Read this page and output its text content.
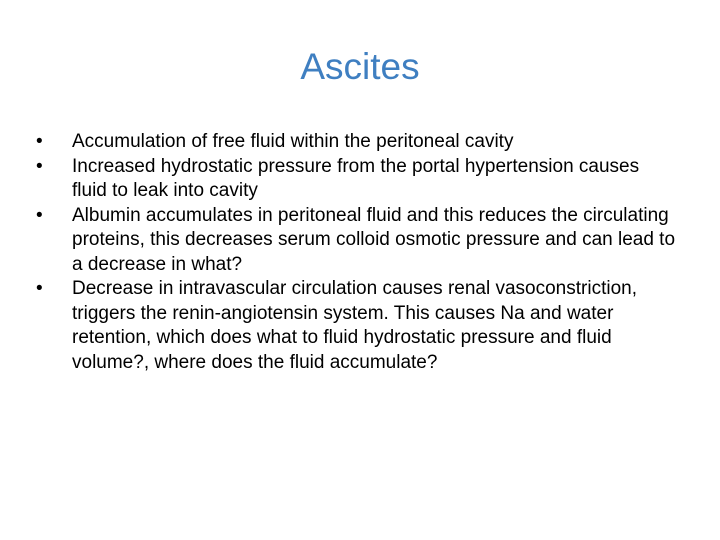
Ascites
•	Accumulation of free fluid within the peritoneal cavity
•	Increased hydrostatic pressure from the portal hypertension causes fluid to leak into cavity
•	Albumin accumulates in peritoneal fluid and this reduces the circulating proteins, this decreases serum colloid osmotic pressure and can lead to a decrease in what?
•	Decrease in intravascular circulation causes renal vasoconstriction, triggers the renin-angiotensin system. This causes Na and water retention, which does what to fluid hydrostatic pressure and fluid volume?, where does the fluid accumulate?
